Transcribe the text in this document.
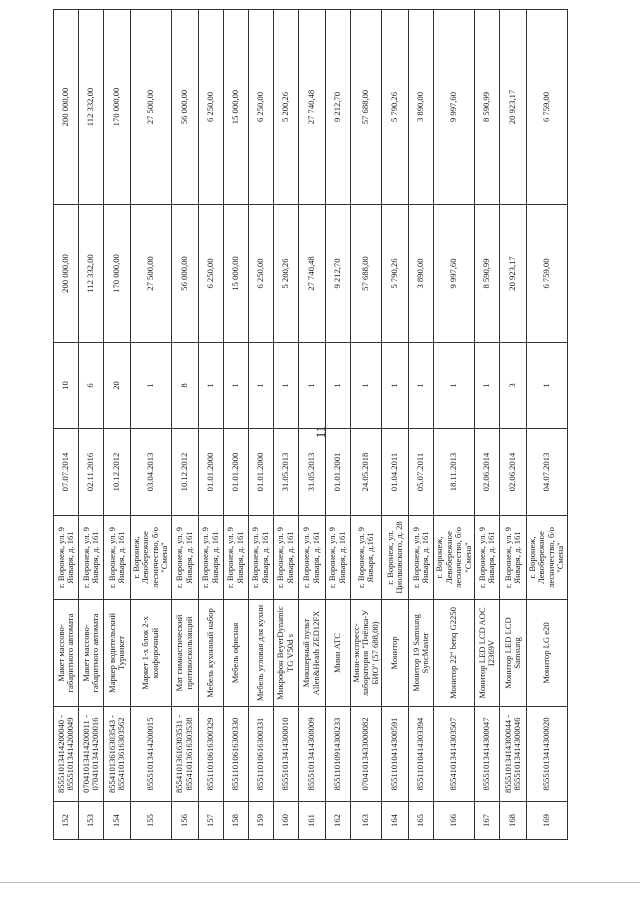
11
152	85551013414200040 - 85551013414200049	Макет массово-габаритного автомата	г. Воронеж, ул. 9 Января, д. 161	07.07.2014	10	200 000,00	200 000,00
153	07041013414200011 - 07041013414200016	Макет массово-габаритного автомата	г. Воронеж, ул. 9 Января, д. 161	02.11.2016	6	112 332,00	112 332,00
154	85541013616303543 - 85541013616303562	Маркер водительский Турникет	г. Воронеж, ул. 9 Января, д. 161	10.12.2012	20	170 000,00	170 000,00
155	85551013414200015	Маркет 1-х блок 2-х конфорочный	г. Воронеж, Левобережное лесничество, б/о "Смена"	03.04.2013	1	27 500,00	27 500,00
156	85541013616303531 - 85541013616303538	Мат гимнастический противоскользящий	г. Воронеж, ул. 9 Января, д. 161	10.12.2012	8	56 000,00	56 000,00
157	85511010616300329	Мебель кухонный набор	г. Воронеж, ул. 9 Января, д. 161	01.01.2000	1	6 250,00	6 250,00
158	85511010616300330	Мебель офисная	г. Воронеж, ул. 9 Января, д. 161	01.01.2000	1	15 000,00	15 000,00
159	85511010616300331	Мебель угловая для кухни	г. Воронеж, ул. 9 Января, д. 161	01.01.2000	1	6 250,00	6 250,00
160	85551013414300010	Микрофон BeyerDynamic TG V50d s	г. Воронеж, ул. 9 Января, д. 161	31.05.2013	1	5 200,26	5 200,26
161	85551013414300009	Микшерный пульт Allen&Heath ZED12FX	г. Воронеж, ул. 9 Января, д. 161	31.05.2013	1	27 740,48	27 740,48
162	85511010914300233	Мини АТС	г. Воронеж, ул. 9 Января, д. 161	01.01.2001	1	9 212,70	9 212,70
163	07041013433000082	Мини-экспресс-лаборатория "Пчёлка-У БИО" (57 688,00)	г. Воронеж, ул. 9 Января, д.161	24.05.2018	1	57 688,00	57 688,00
164	85511010414300591	Монитор	г. Воронеж, ул. Циолковского, д. 28	01.04.2011	1	5 790,26	5 790,26
165	85511010414303394	Монитор 19 Samsung SyncMaster	г. Воронеж, ул. 9 Января, д. 161	05.07.2011	1	3 890,00	3 890,00
166	85541013414303507	Монитор 22" benq G2250	г. Воронеж, Левобережное лесничество, б/о "Смена"	18.11.2013	1	9 997,60	9 997,60
167	85551013414300047	Монитор LED LCD AOC I2369V	г. Воронеж, ул. 9 Января, д. 161	02.06.2014	1	8 590,99	8 590,99
168	85551013414300044 - 85551013414300046	Монитор LED LCD Samsung	г. Воронеж, ул. 9 Января, д. 161	02.06.2014	3	20 923,17	20 923,17
169	85551013414300020	Монитор LG e20	г. Воронеж, Левобережное лесничество, б/о "Смена"	04.07.2013	1	6 759,00	6 759,00
